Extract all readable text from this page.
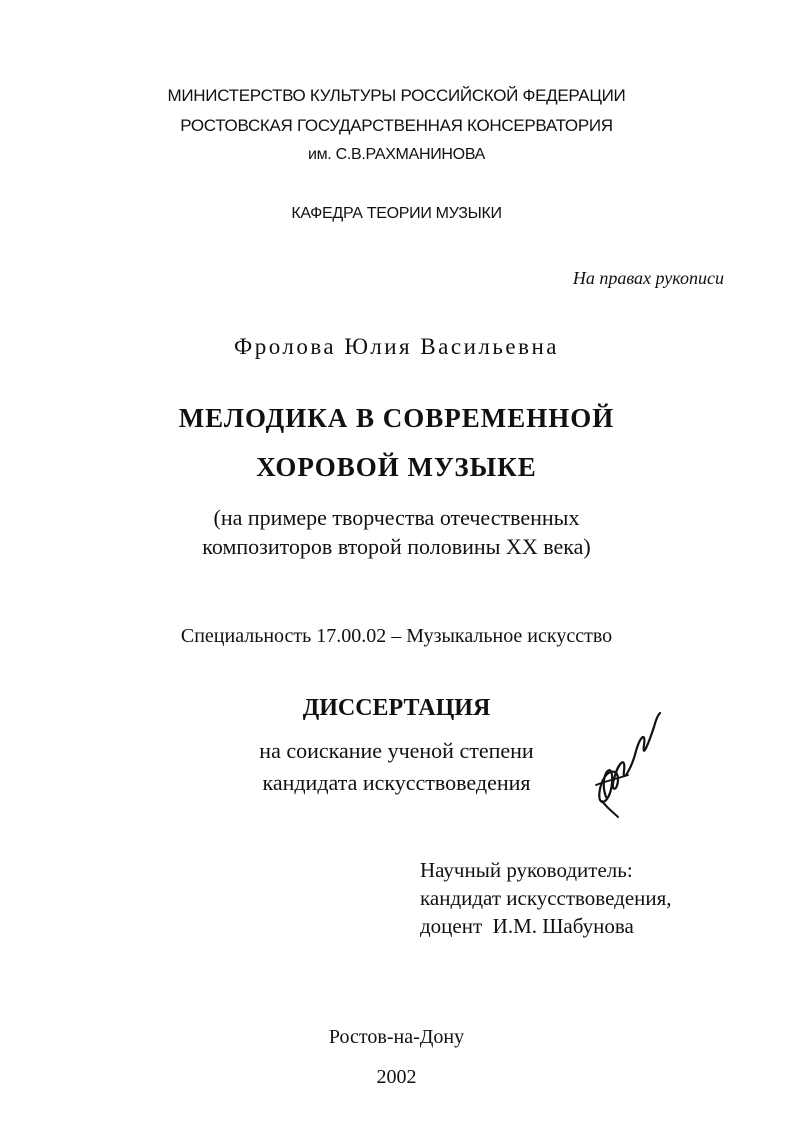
МИНИСТЕРСТВО КУЛЬТУРЫ РОССИЙСКОЙ ФЕДЕРАЦИИ
РОСТОВСКАЯ ГОСУДАРСТВЕННАЯ КОНСЕРВАТОРИЯ
им. С.В.РАХМАНИНОВА
КАФЕДРА ТЕОРИИ МУЗЫКИ
На правах рукописи
Фролова Юлия Васильевна
МЕЛОДИКА В СОВРЕМЕННОЙ
ХОРОВОЙ МУЗЫКЕ
(на примере творчества отечественных
композиторов второй половины XX века)
Специальность 17.00.02 – Музыкальное искусство
ДИССЕРТАЦИЯ
на соискание ученой степени
кандидата искусствоведения
Научный руководитель:
кандидат искусствоведения,
доцент  И.М. Шабунова
Ростов-на-Дону
2002
